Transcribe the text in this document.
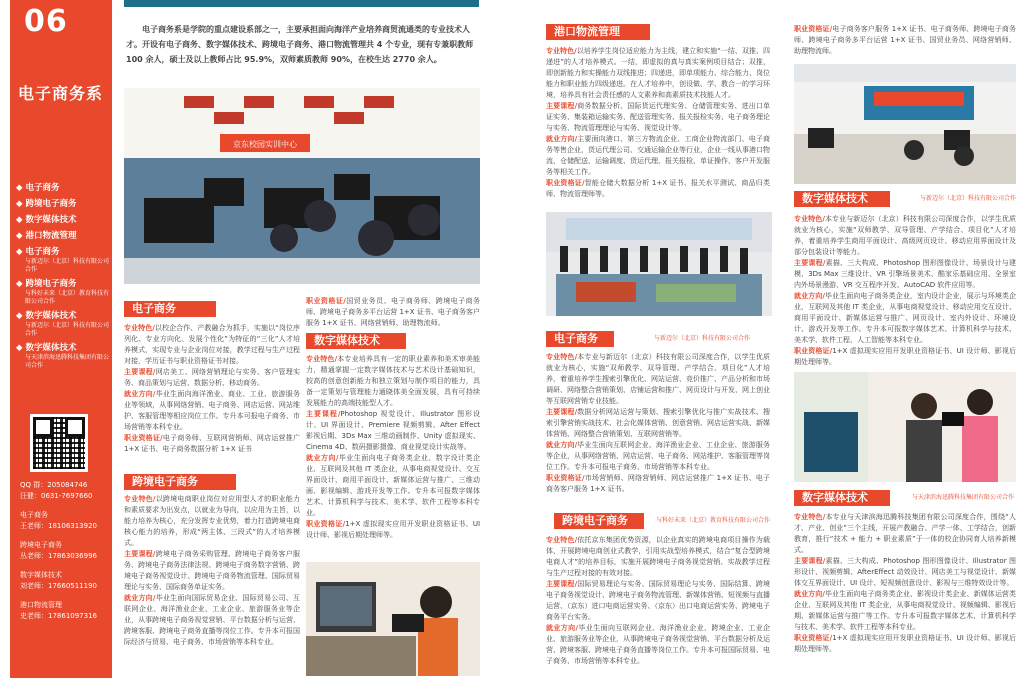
06
电子商务系
◆ 电子商务
◆ 跨境电子商务
◆ 数字媒体技术
◆ 港口物流管理
◆ 电子商务
与新迈尔（北京）科技有限公司合作
◆ 跨境电子商务
与科好未来（北京）教育科技有限公司合作
◆ 数字媒体技术
与新迈尔（北京）科技有限公司合作
◆ 数字媒体技术
与天津滨海迅腾科技集团有限公司合作
QQ 群：205084746
汪健：0631-7697660
电子商务
王老师：18106313920
跨境电子商务
丛老师：17863036996
数字媒体技术
刘老师：17660511190
港口物流管理
史老师：17861097316
电子商务系是学院的重点建设系部之一，主要承担面向海洋产业培养商贸流通类的专业技术人才。开设有电子商务、数字媒体技术、跨境电子商务、港口物流管理共 4 个专业，现有专兼职教师 100 余人，硕士及以上教师占比 95.9%，双师素质教师 90%，在校生达 2770 余人。
京东校园实训中心
电子商务

专业特色/以校企合作、产教融合为抓手，实施以“岗位序列化、专业方向化、发展个性化”为特征的“三化”人才培养模式，实现专业与企业岗位对接，教学过程与生产过程对接，学历证书与职业资格证书对接。

主要课程/网店美工、网络营销理论与实务、客户管理实务、商品策划与运营、数据分析、移动商务。

就业方向/毕业生面向海洋渔业、商业、工业、旅游服务业等领域，从事网络营销、电子商务、网店运营、网站维护、客服管理等相应岗位工作。专升本可报电子商务、市场营销等本科专业。

职业资格证/电子商务师、互联网营销师、网店运营推广 1+X 证书、电子商务数据分析 1+X 证书

跨境电子商务

专业特色/以跨境电商职业岗位对应用型人才的职业能力和素质要求为出发点，以就业为导向，以应用为主旨，以能力培养为核心，充分发挥专业优势，着力打造跨境电商核心能力的培养，形成“两主体、三段式”的人才培养模式。

主要课程/跨境电子商务采购管理、跨境电子商务客户服务、跨境电子商务法律法规、跨境电子商务数字营销、跨境电子商务视觉设计、跨境电子商务物流管理、国际贸易理论与实务、国际商务单证实务。

就业方向/毕业生面向国际贸易企业、国际贸易公司、互联网企业、海洋渔业企业、工业企业、旅游服务业等企业，从事跨境电子商务视觉营销、平台数据分析与运营、跨境客服、跨境电子商务直播等岗位工作。专升本可报国际经济与贸易、电子商务、市场营销等本科专业。

职业资格证/国贸业务员、电子商务师、跨境电子商务师、跨境电子商务多平台运营 1+X 证书、电子商务客户服务 1+X 证书、网络营销师、助理物流师。

数字媒体技术

专业特色/本专业培养具有一定的职业素养和美术审美能力，精通掌握一定数字媒体技术与艺术设计基础知识，较高的创意创新能力和独立策划与制作项目的能力，具备一定策划与管理能力通晓体美全面发展，具有可持续发展能力的高端技能型人才。

主要课程/Photoshop 视觉设计、Illustrator 图形设计、UI 界面设计、Premiere 视频剪辑、After Effect 影视后期、3Ds Max 三维动画制作、Unity 虚拟现实、Cinema 4D、数码摄影摄像、商业视觉设计实战等。

就业方向/毕业生面向电子商务类企业、数字设计类企业、互联网及其他 IT 类企业，从事电商视觉设计、交互界面设计、商用平面设计、新媒体运营与推广、三维动画、影视编辑、游戏开发等工作。专升本可报数字媒体艺术、计算机科学与技术、美术学、软件工程等本科专业。

职业资格证/1+X 虚拟现实应用开发职业资格证书、UI 设计师、影视后期处理师等。

港口物流管理

专业特色/以培养学生岗位适应能力为主线，建立和实施“一结、双推、四递进”的人才培养模式。一结，即虚拟的真与真实案例项目结合；双推，即创新能力和实操能力双线推进；四递进，即单项能力、综合能力、岗位能力和职业能力四级递进。在人才培养中，创设做、学、教合一的学习环境，培养具有社会责任感的人文素养和高素质技术技能人才。

主要课程/商务数据分析、国际货运代理实务、仓储管理实务、进出口单证实务、集装箱运输实务、配送管理实务、报关报检实务、电子商务理论与实务、物流管理理论与实务、视觉设计等。

就业方向/主要面向港口、第三方物流企业、工商企业物流部门、电子商务等售企业，货运代理公司、交通运输企业等行业，企业一线从事港口物流、仓储配送、运输调度、货运代理、报关报检、单证操作、客户开发服务等相关工作。

职业资格证/智能仓储大数据分析 1+X 证书、报关水平测试、商品归类师、物流管理师等。

电子商务	与新迈尔（北京）科技有限公司合作

专业特色/本专业与新迈尔（北京）科技有限公司深度合作，以学生优质就业为核心，实施“双师教学、双导管理、产学结合、项目化”人才培养，着重培养学生搜索引擎优化、网站运营、竞价推广、产品分析和市场调研、网络整合营销策划、店铺运营和推广、网页设计与开发、网上创业等互联网营销专业技能。

主要课程/数据分析网站运营与策划、搜索引擎优化与推广实战技术、搜索引擎营销实战技术、社会化媒体营销、创意营销、网店运营实战、新媒体营销、网络整合营销策划、互联网营销等。

就业方向/毕业生面向互联网企业、海洋渔业企业、工业企业、旅游服务等企业，从事网络营销、网店运营、电子商务、网站维护、客服管理等岗位工作。专升本可报电子商务、市场营销等本科专业。

职业资格证/市场营销师、网络营销师、网店运营推广 1+X 证书、电子商务客户服务 1+X 证书。

跨境电子商务	与科好未来（北京）教育科技有限公司合作

专业特色/依托京东集团优势资源，以企业真实的跨境电商项目操作为载体，开展跨境电商创业式教学，引用实战型培养模式，结合“复合型跨境电商人才”的培养目标，实施开展跨境电子商务视觉营销、实战教学过程与生产过程对接的有效对接。

主要课程/国际贸易理论与实务、国际贸易理论与实务、国际结算、跨境电子商务视觉设计、跨境电子商务物流管理、新媒体营销、短视频与直播运营、（京东）进口电商运营实务、（京东）出口电商运营实务、跨境电子商务平台实务。

就业方向/毕业生面向互联网企业、海洋渔业企业、跨境企业、工业企业、旅游服务业等企业，从事跨境电子商务视觉营销、平台数据分析及运营、跨境客服、跨境电子商务直播等岗位工作。专升本可报国际贸易、电子商务、市场营销等本科专业。

职业资格证/电子商务客户服务 1+X 证书、电子商务师、跨境电子商务师、跨境电子商务多平台运营 1+X 证书、国贸业务员、网络营销师、助理物流师。

数字媒体技术	与新迈尔（北京）科技有限公司合作

专业特色/本专业与新迈尔（北京）科技有限公司深度合作，以学生优质就业为核心，实施“双师教学、双导管理、产学结合、项目化”人才培养，着重培养学生商用平面设计、高级网页设计、移动应用界面设计及部分包装设计等能力。

主要课程/素描、三大构成、Photoshop 图形图像设计、场景设计与建模、3Ds Max 三维设计、VR 引擎场景美术、酷家乐基础应用、全景室内外场景漫游、VR 交互程序开发、AutoCAD 软件应用等。

就业方向/毕业生面向电子商务类企业，室内设计企业，展示与环境类企业，互联网及其他 IT 类企业，从事电商视觉设计、移动应用交互设计、商用平面设计、新媒体运营与推广、网页设计、室内外设计、环境设计、游戏开发等工作。专升本可报数字媒体艺术、计算机科学与技术、美术学、软件工程、人工智能等本科专业。

职业资格证/1+X 虚拟现实应用开发职业资格证书、UI 设计师、影视后期处理师等。

数字媒体技术	与天津滨海迅腾科技集团有限公司合作

专业特色/本专业与天津滨海迅腾科技集团有限公司深度合作，围绕“人才、产业、创业”三个主线，开展产教融合、产学一体、工学结合，创新教育，推行“技术 + 能力 + 职业素质”于一体的校企协同育人培养新模式。

主要课程/素描、三大构成、Photoshop 图形图像设计、Illustrator 图形设计、视频剪辑、AfterEffect 动效设计、网店美工与视觉设计、新媒体交互界面设计、UI 设计、短视频创意设计、影视与三维特效设计等。

就业方向/毕业生面向电子商务类企业、影视设计类企业、新媒体运营类企业、互联网及其他 IT 类企业，从事电商视觉设计、视频编辑、影视后期、新媒体运营与推广等工作。专升本可报数字媒体艺术、计算机科学与技术、美术学、软件工程等本科专业。

职业资格证/1+X 虚拟现实应用开发职业资格证书、UI 设计师、影视后期处理师等。
